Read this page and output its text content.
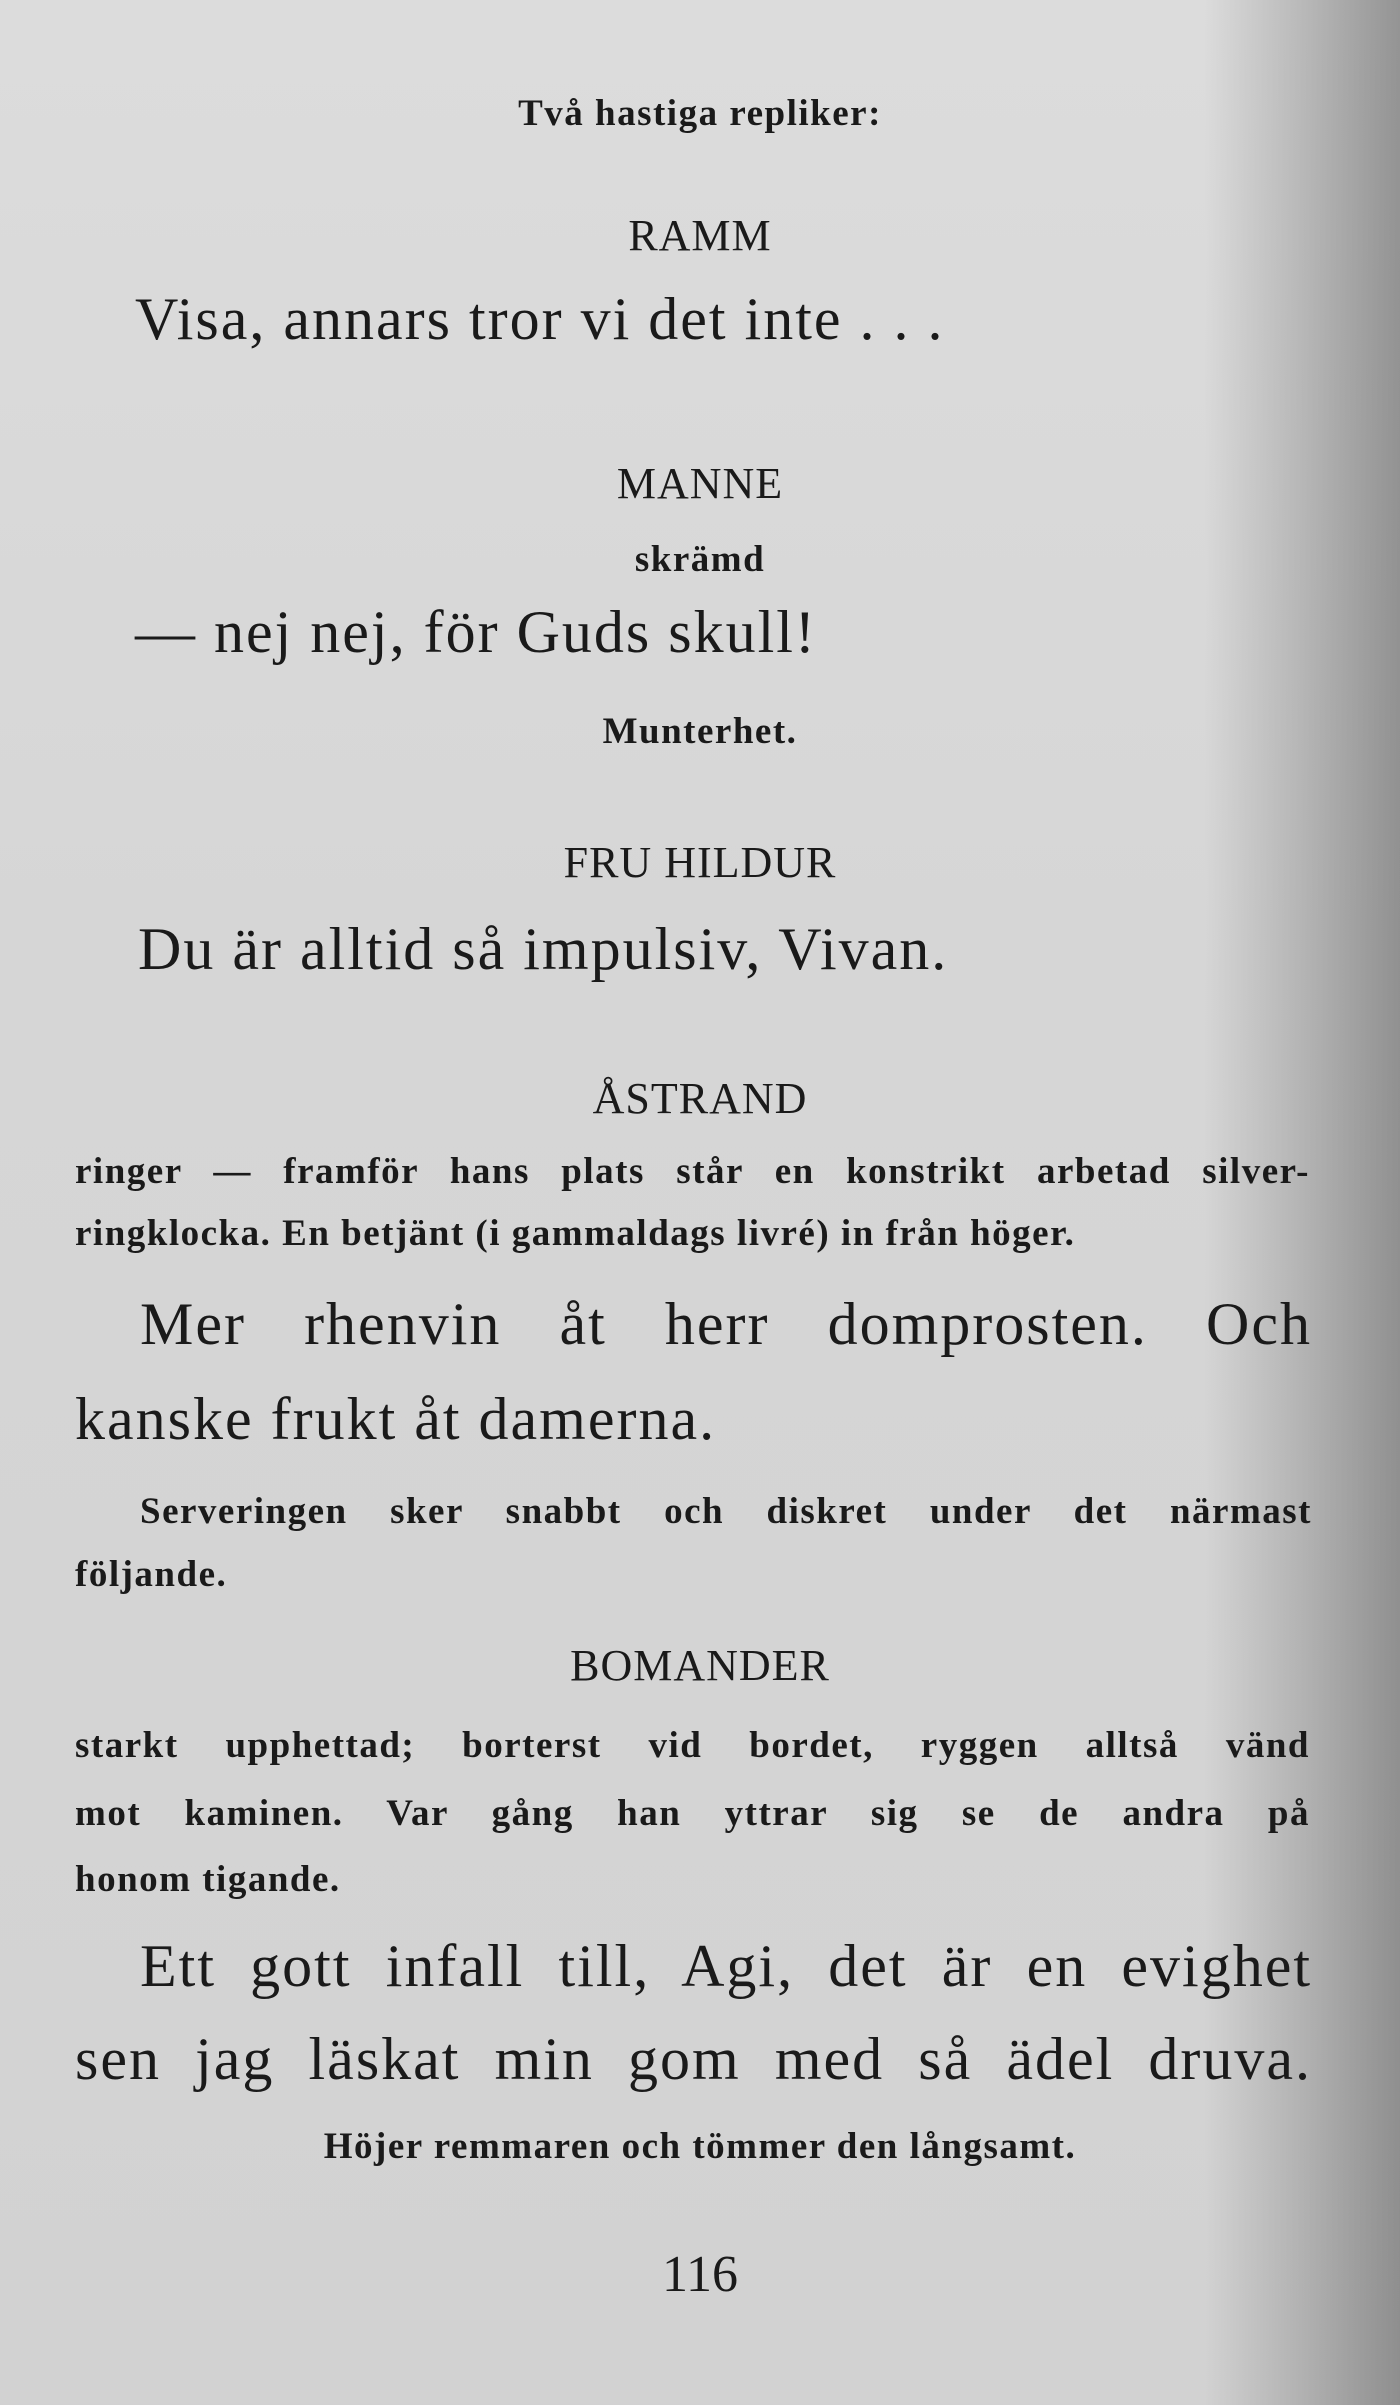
Två hastiga repliker:

RAMM

Visa, annars tror vi det inte . . .

MANNE

skrämd

— nej nej, för Guds skull!

Munterhet.

FRU HILDUR

Du är alltid så impulsiv, Vivan.

ÅSTRAND

ringer — framför hans plats står en konstrikt arbetad silver-

ringklocka. En betjänt (i gammaldags livré) in från höger.

Mer rhenvin åt herr domprosten. Och

kanske frukt åt damerna.

Serveringen sker snabbt och diskret under det närmast

följande.

BOMANDER

starkt upphettad; borterst vid bordet, ryggen alltså vänd

mot kaminen. Var gång han yttrar sig se de andra på

honom tigande.

Ett gott infall till, Agi, det är en evighet

sen jag läskat min gom med så ädel druva.

Höjer remmaren och tömmer den långsamt.

116
